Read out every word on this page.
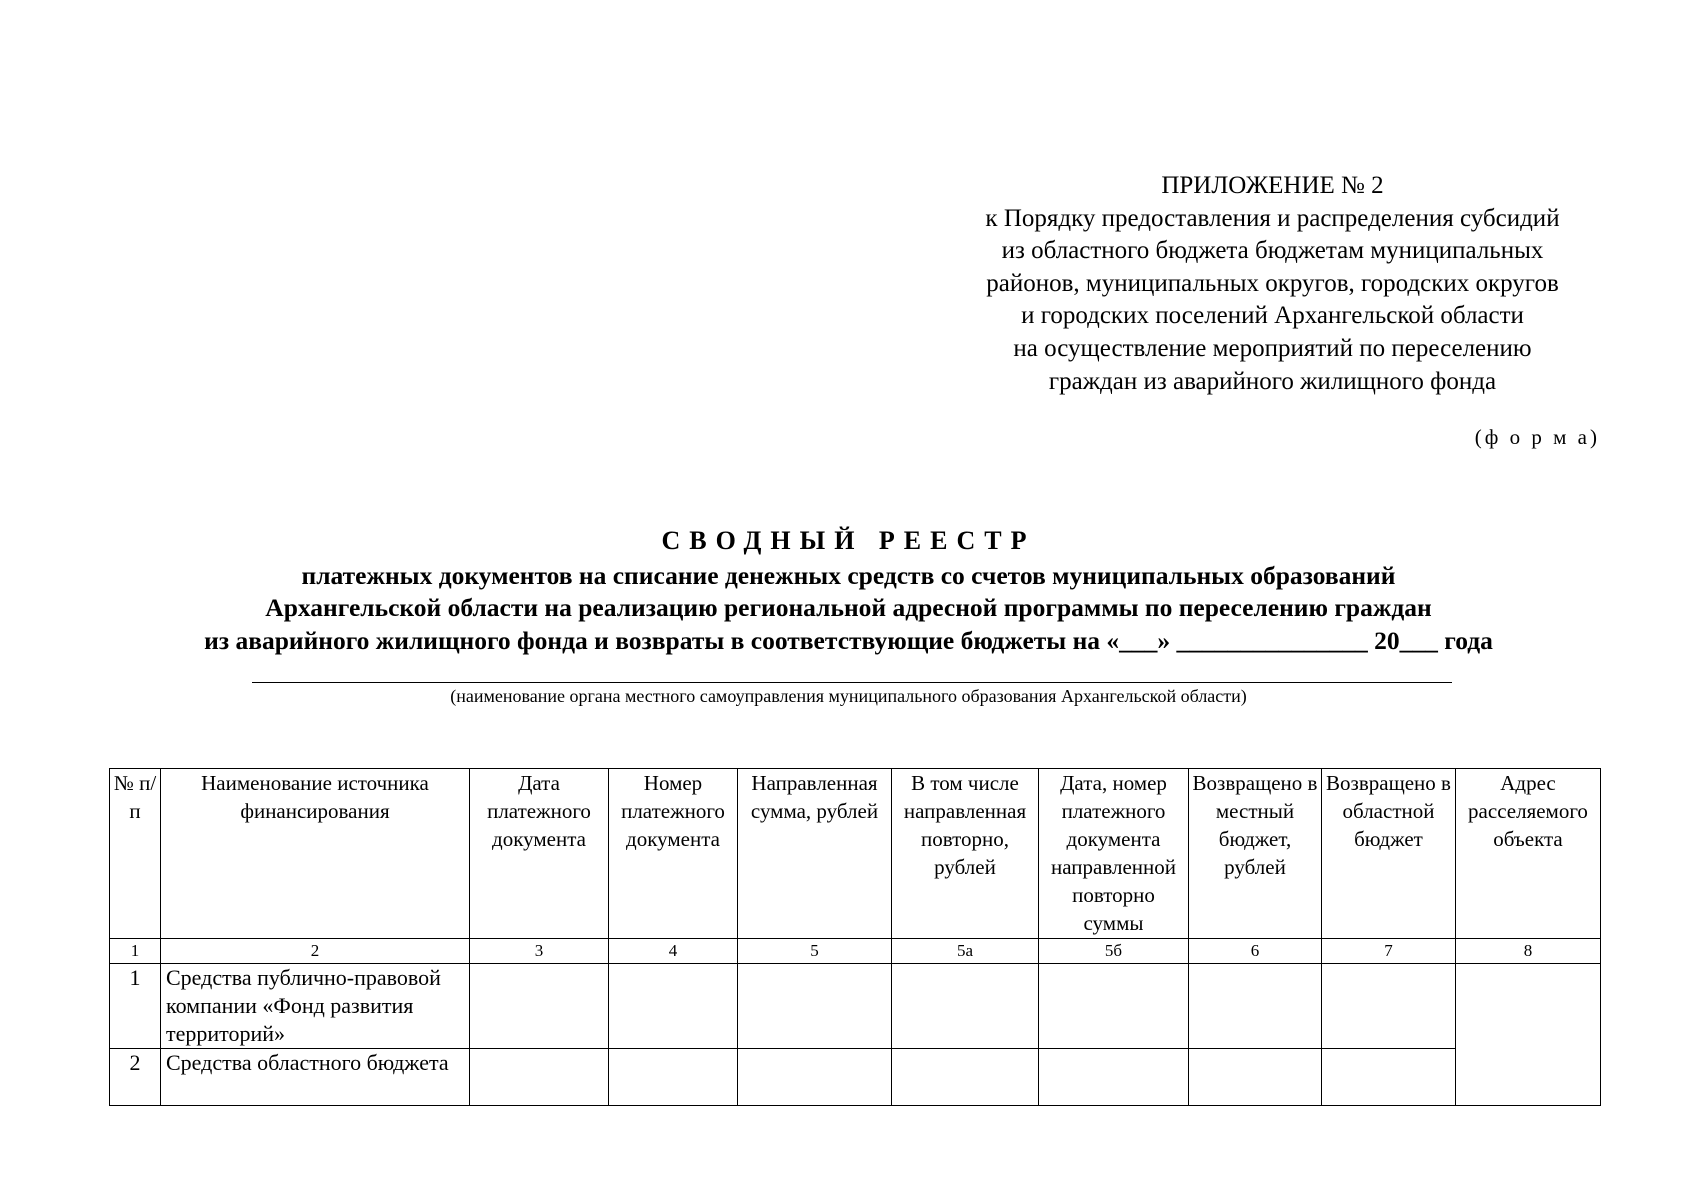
ПРИЛОЖЕНИЕ № 2
к Порядку предоставления и распределения субсидий
из областного бюджета бюджетам муниципальных
районов, муниципальных округов, городских округов
и городских поселений Архангельской области
на осуществление мероприятий по переселению
граждан из аварийного жилищного фонда
(ф о р м а)
СВОДНЫЙ РЕЕСТР
платежных документов на списание денежных средств со счетов муниципальных образований
Архангельской области на реализацию региональной адресной программы по переселению граждан
из аварийного жилищного фонда и возвраты в соответствующие бюджеты на «___» _______________ 20___ года
(наименование органа местного самоуправления муниципального образования Архангельской области)
№ п/п	Наименование источника финансирования	Дата платежного документа	Номер платежного документа	Направленная сумма, рублей	В том числе направленная повторно, рублей	Дата, номер платежного документа направленной повторно суммы	Возвращено в местный бюджет, рублей	Возвращено в областной бюджет	Адрес расселяемого объекта
1	2	3	4	5	5а	5б	6	7	8
1	Средства публично-правовой компании «Фонд развития территорий»								
2	Средства областного бюджета								
